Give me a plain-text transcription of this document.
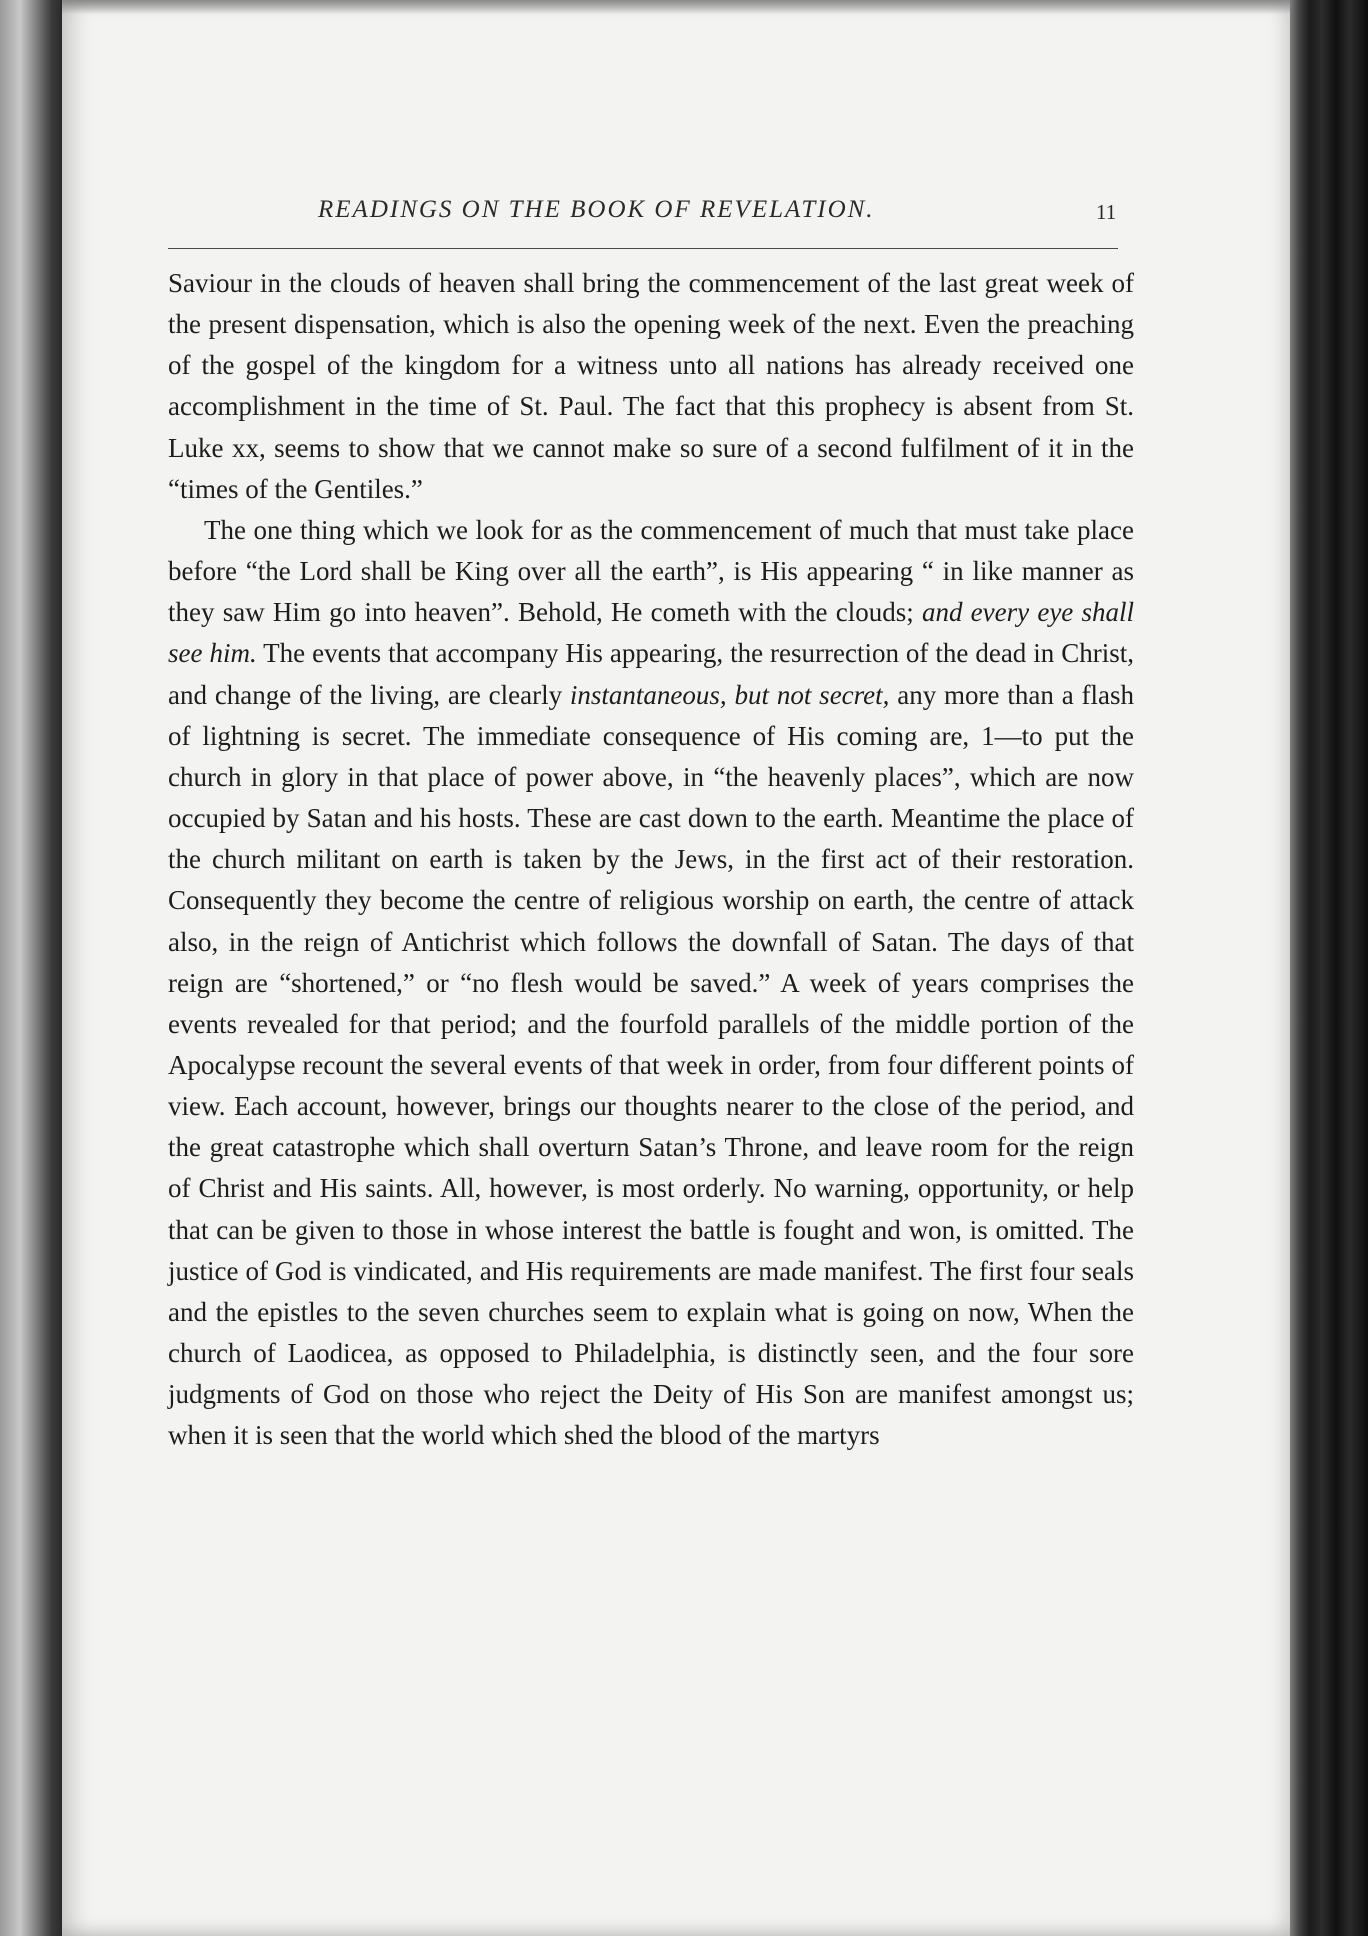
READINGS ON THE BOOK OF REVELATION.	11

Saviour in the clouds of heaven shall bring the commencement of the last great week of the present dispensation, which is also the opening week of the next. Even the preaching of the gospel of the kingdom for a witness unto all nations has already received one accomplishment in the time of St. Paul. The fact that this prophecy is absent from St. Luke xx, seems to show that we cannot make so sure of a second fulfilment of it in the “times of the Gentiles.”

The one thing which we look for as the commencement of much that must take place before “the Lord shall be King over all the earth”, is His appearing “ in like manner as they saw Him go into heaven”. Behold, He cometh with the clouds; and every eye shall see him. The events that accompany His appearing, the resurrection of the dead in Christ, and change of the living, are clearly instantaneous, but not secret, any more than a flash of lightning is secret. The immediate consequence of His coming are, 1—to put the church in glory in that place of power above, in “the heavenly places”, which are now occupied by Satan and his hosts. These are cast down to the earth. Meantime the place of the church militant on earth is taken by the Jews, in the first act of their restoration. Consequently they become the centre of religious worship on earth, the centre of attack also, in the reign of Antichrist which follows the downfall of Satan. The days of that reign are “shortened,” or “no flesh would be saved.” A week of years comprises the events revealed for that period; and the fourfold parallels of the middle portion of the Apocalypse recount the several events of that week in order, from four different points of view. Each account, however, brings our thoughts nearer to the close of the period, and the great catastrophe which shall overturn Satan’s Throne, and leave room for the reign of Christ and His saints. All, however, is most orderly. No warning, opportunity, or help that can be given to those in whose interest the battle is fought and won, is omitted. The justice of God is vindicated, and His requirements are made manifest. The first four seals and the epistles to the seven churches seem to explain what is going on now, When the church of Laodicea, as opposed to Philadelphia, is distinctly seen, and the four sore judgments of God on those who reject the Deity of His Son are manifest amongst us; when it is seen that the world which shed the blood of the martyrs
